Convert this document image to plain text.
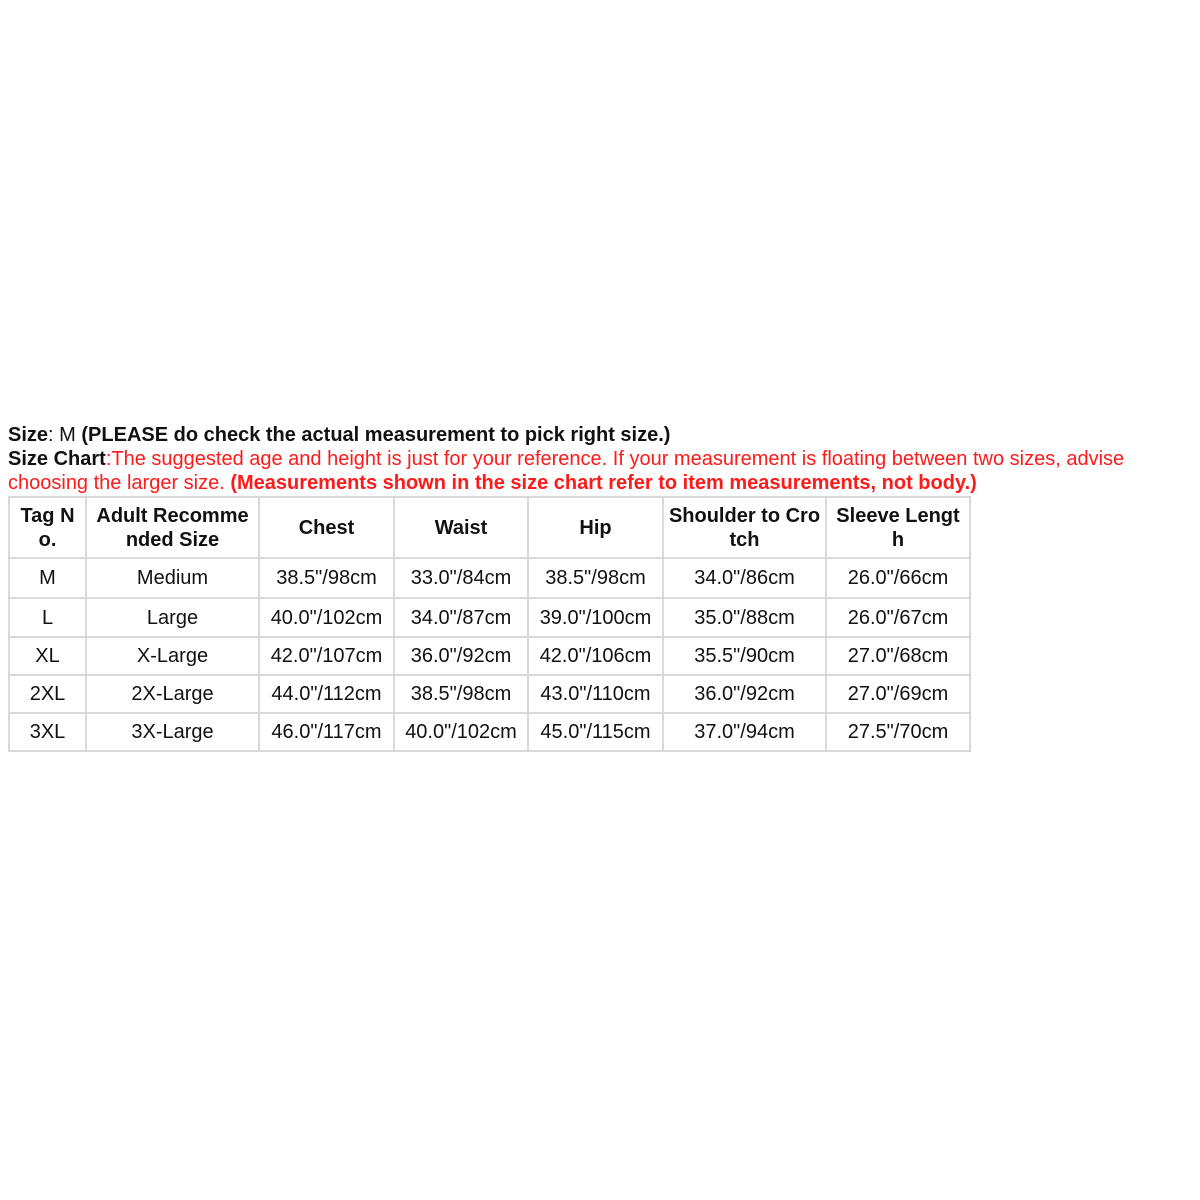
Size: M (PLEASE do check the actual measurement to pick right size.)
Size Chart:The suggested age and height is just for your reference. If your measurement is floating between two sizes, advise choosing the larger size. (Measurements shown in the size chart refer to item measurements, not body.)
Tag No.	Adult Recommended Size	Chest	Waist	Hip	Shoulder to Crotch	Sleeve Length
M	Medium	38.5"/98cm	33.0"/84cm	38.5"/98cm	34.0"/86cm	26.0"/66cm
L	Large	40.0"/102cm	34.0"/87cm	39.0"/100cm	35.0"/88cm	26.0"/67cm
XL	X-Large	42.0"/107cm	36.0"/92cm	42.0"/106cm	35.5"/90cm	27.0"/68cm
2XL	2X-Large	44.0"/112cm	38.5"/98cm	43.0"/110cm	36.0"/92cm	27.0"/69cm
3XL	3X-Large	46.0"/117cm	40.0"/102cm	45.0"/115cm	37.0"/94cm	27.5"/70cm
